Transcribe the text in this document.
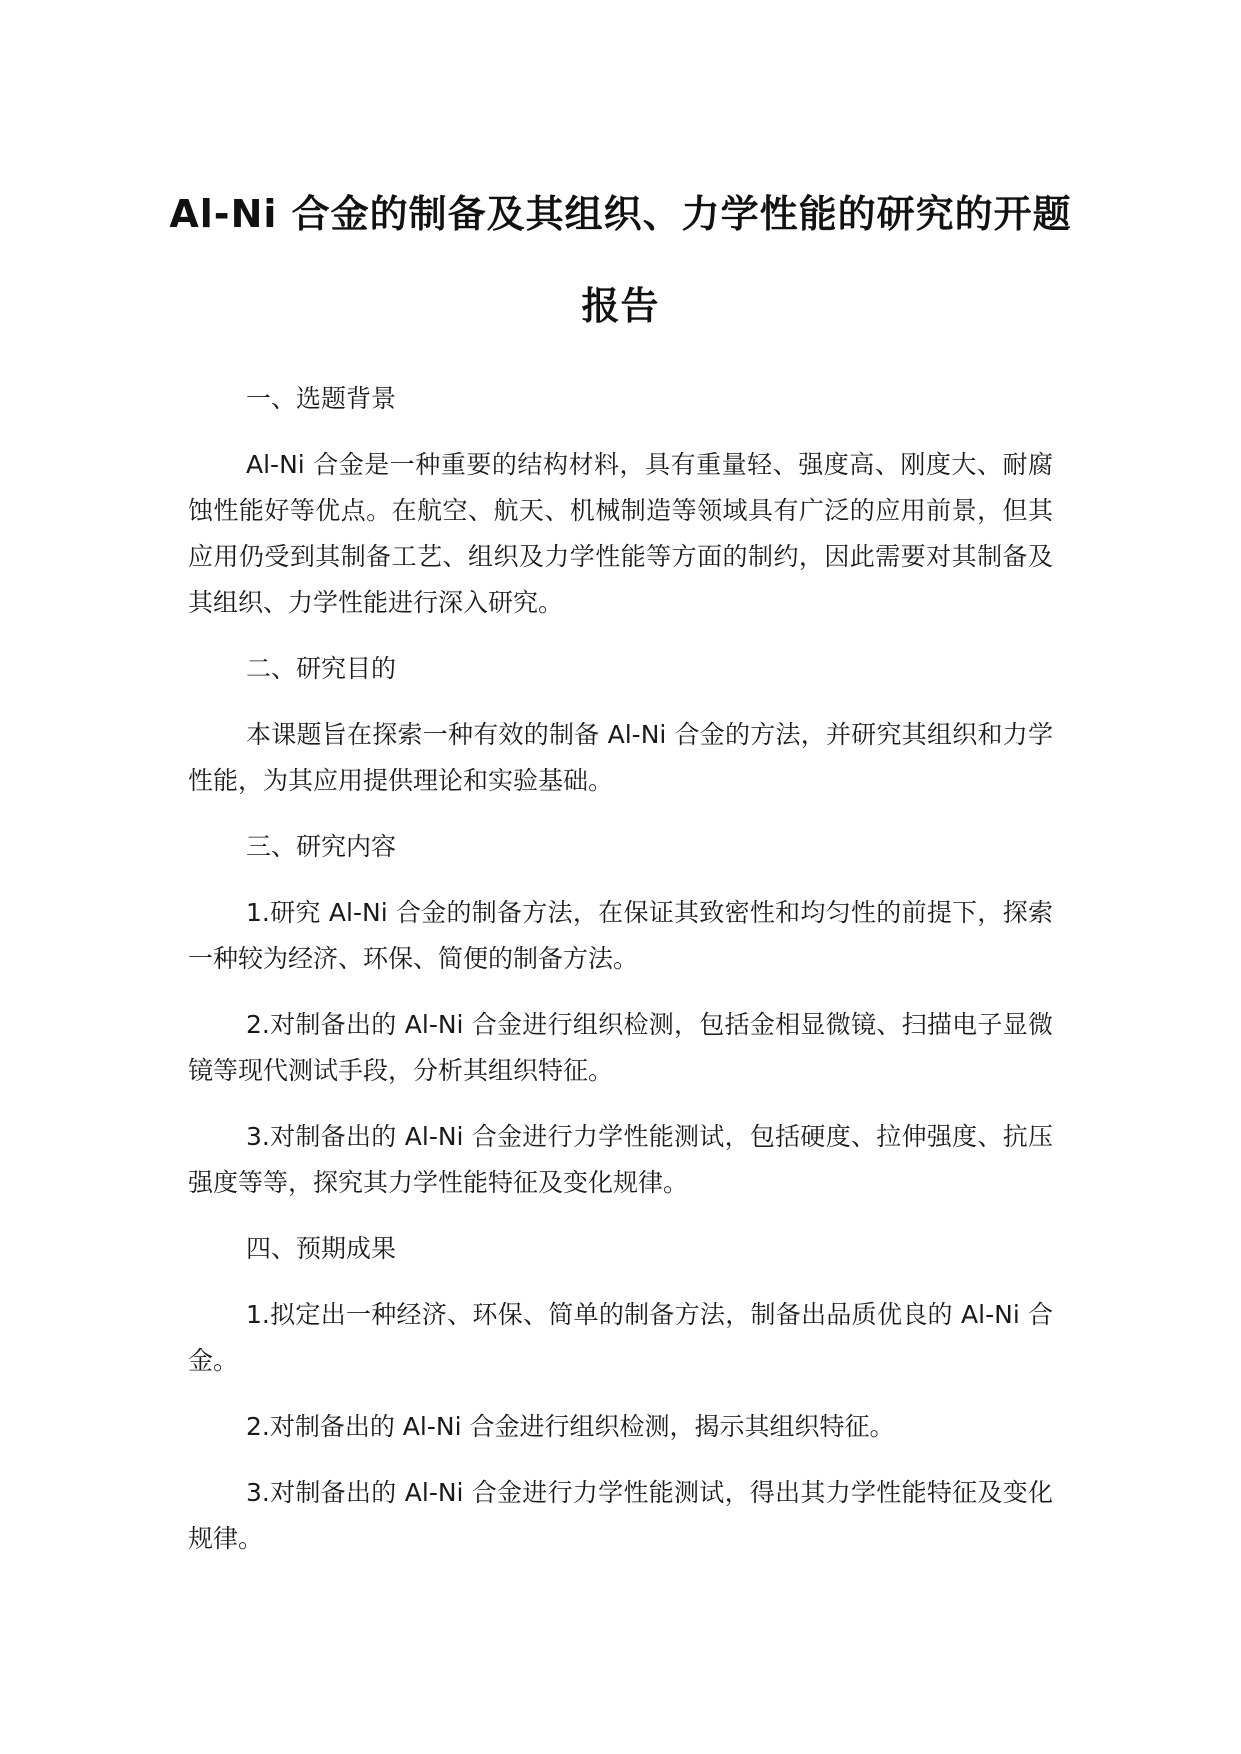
Al-Ni 合金的制备及其组织、力学性能的研究的开题
报告

一、选题背景

Al-Ni 合金是一种重要的结构材料，具有重量轻、强度高、刚度大、耐腐蚀性能好等优点。在航空、航天、机械制造等领域具有广泛的应用前景，但其应用仍受到其制备工艺、组织及力学性能等方面的制约，因此需要对其制备及其组织、力学性能进行深入研究。

二、研究目的

本课题旨在探索一种有效的制备 Al-Ni 合金的方法，并研究其组织和力学性能，为其应用提供理论和实验基础。

三、研究内容

1.研究 Al-Ni 合金的制备方法，在保证其致密性和均匀性的前提下，探索一种较为经济、环保、简便的制备方法。

2.对制备出的 Al-Ni 合金进行组织检测，包括金相显微镜、扫描电子显微镜等现代测试手段，分析其组织特征。

3.对制备出的 Al-Ni 合金进行力学性能测试，包括硬度、拉伸强度、抗压强度等等，探究其力学性能特征及变化规律。

四、预期成果

1.拟定出一种经济、环保、简单的制备方法，制备出品质优良的 Al-Ni 合金。

2.对制备出的 Al-Ni 合金进行组织检测，揭示其组织特征。

3.对制备出的 Al-Ni 合金进行力学性能测试，得出其力学性能特征及变化规律。
